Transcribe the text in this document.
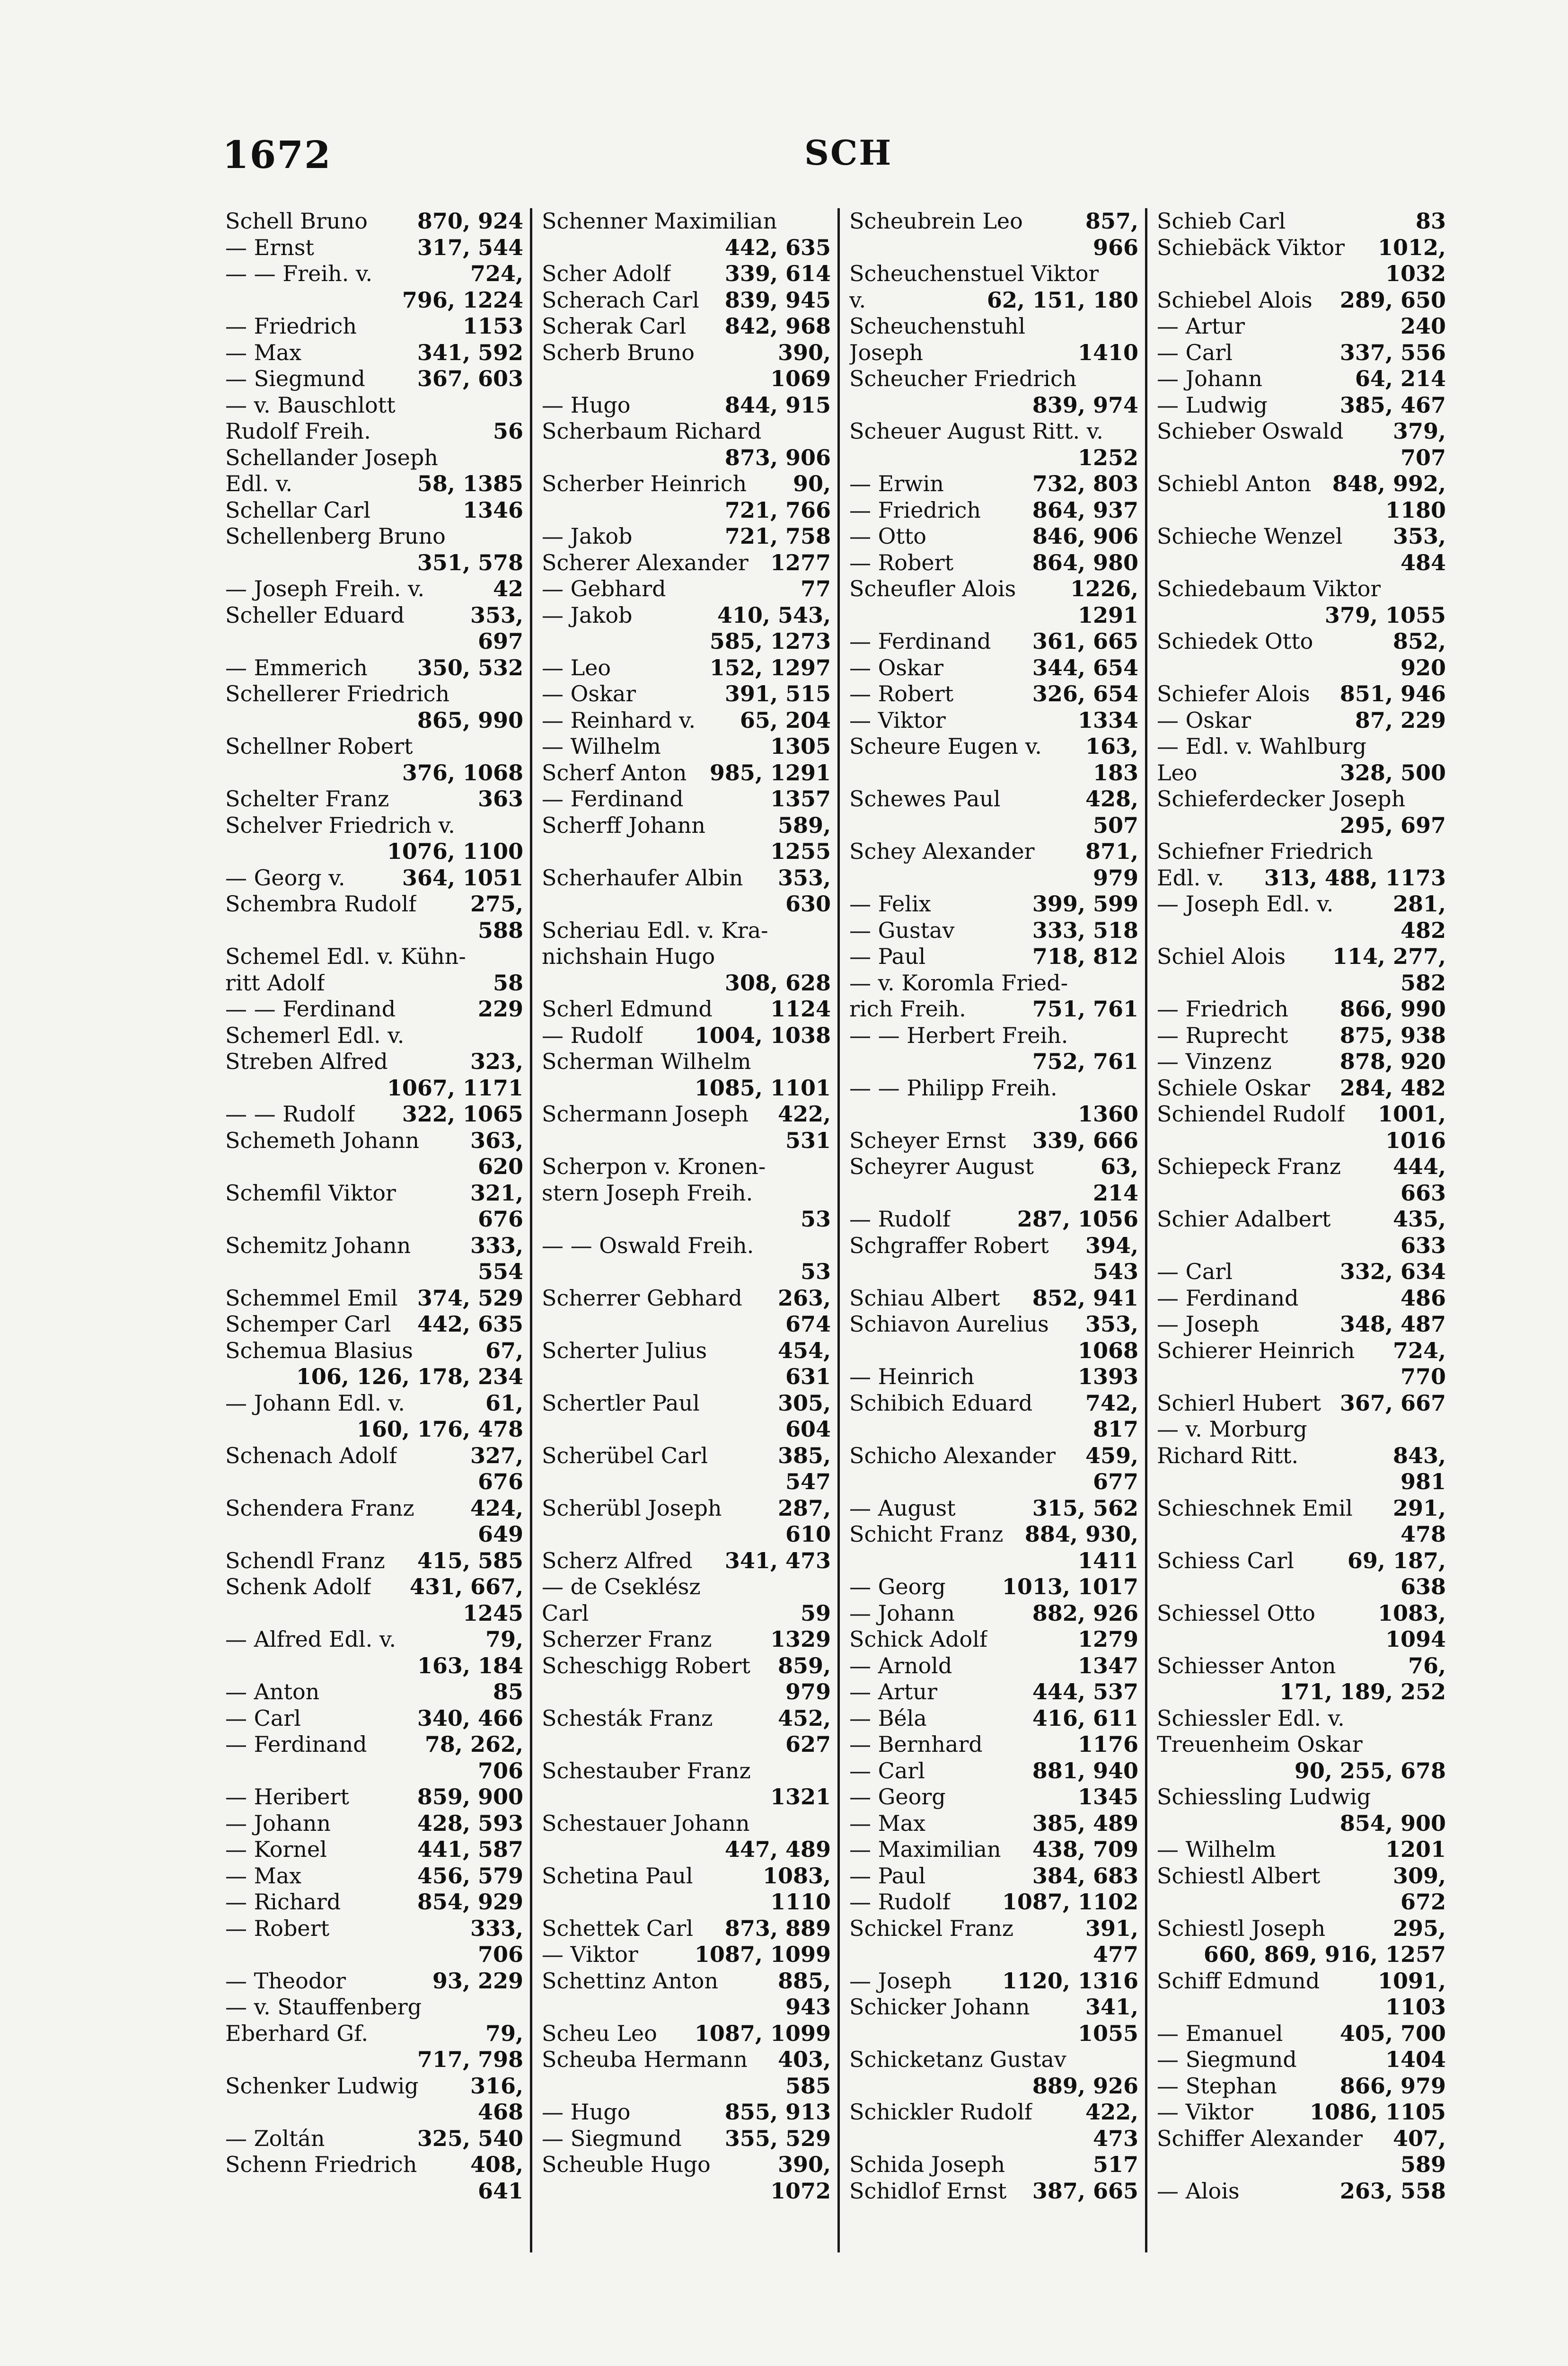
1672	SCH
Schell Bruno 870, 924
— Ernst	317, 544
— — Freih. v.	724,
796, 1224
— Friedrich	1153
— Max	341, 592
— Siegmund 367, 603
— v. Bauschlott
Rudolf Freih.	56
Schellander Joseph
Edl. v.	58, 1385
Schellar Carl	1346
Schellenberg Bruno
351, 578
— Joseph Freih. v.	42
Scheller Eduard	353,
697
— Emmerich 350, 532
Schellerer Friedrich
865, 990
Schellner Robert
376, 1068
Schelter Franz	363
Schelver Friedrich v.
1076, 1100
— Georg v.	364, 1051
Schembra Rudolf 275,
588
Schemel Edl. v. Kühn-
ritt Adolf	58
— — Ferdinand	229
Schemerl Edl. v.
Streben Alfred	323,
1067, 1171
— — Rudolf 322, 1065
Schemeth Johann 363,
620
Schemfil Viktor	321,
676
Schemitz Johann	333,
554
Schemmel Emil 374, 529
Schemper Carl 442, 635
Schemua Blasius	67,
106, 126, 178, 234
— Johann Edl. v.	61,
160, 176, 478
Schenach Adolf	327,
676
Schendera Franz	424,
649
Schendl Franz 415, 585
Schenk Adolf 431, 667,
1245
— Alfred Edl. v.	79,
163, 184
— Anton	85
— Carl	340, 466
— Ferdinand	78, 262,
706
— Heribert	859, 900
— Johann	428, 593
— Kornel	441, 587
— Max	456, 579
— Richard	854, 929
— Robert	333,
706
— Theodor	93, 229
— v. Stauffenberg
Eberhard Gf.	79,
717, 798
Schenker Ludwig 316,
468
— Zoltán	325, 540
Schenn Friedrich 408,
641
Schenner Maximilian
442, 635
Scher Adolf 339, 614
Scherach Carl 839, 945
Scherak Carl 842, 968
Scherb Bruno	390,
1069
— Hugo	844, 915
Scherbaum Richard
873, 906
Scherber Heinrich 90,
721, 766
— Jakob	721, 758
Scherer Alexander 1277
— Gebhard	77
— Jakob	410, 543,
585, 1273
— Leo	152, 1297
— Oskar	391, 515
— Reinhard v. 65, 204
— Wilhelm	1305
Scherf Anton 985, 1291
— Ferdinand	1357
Scherff Johann	589,
1255
Scherhaufer Albin 353,
630
Scheriau Edl. v. Kra-
nichshain Hugo
308, 628
Scherl Edmund	1124
— Rudolf 1004, 1038
Scherman Wilhelm
1085, 1101
Schermann Joseph 422,
531
Scherpon v. Kronen-
stern Joseph Freih.
53
— — Oswald Freih.
53
Scherrer Gebhard 263,
674
Scherter Julius	454,
631
Schertler Paul	305,
604
Scherübel Carl	385,
547
Scherübl Joseph	287,
610
Scherz Alfred 341, 473
— de Cseklész
Carl	59
Scherzer Franz	1329
Scheschigg Robert 859,
979
Schesták Franz	452,
627
Schestauber Franz
1321
Schestauer Johann
447, 489
Schetina Paul	1083,
1110
Schettek Carl 873, 889
— Viktor	1087, 1099
Schettinz Anton	885,
943
Scheu Leo 1087, 1099
Scheuba Hermann 403,
585
— Hugo	855, 913
— Siegmund 355, 529
Scheuble Hugo	390,
1072
Scheubrein Leo	857,
966
Scheuchenstuel Viktor
v.	62, 151, 180
Scheuchenstuhl
Joseph	1410
Scheucher Friedrich
839, 974
Scheuer August Ritt. v.
1252
— Erwin	732, 803
— Friedrich 864, 937
— Otto	846, 906
— Robert	864, 980
Scheufler Alois 1226,
1291
— Ferdinand 361, 665
— Oskar	344, 654
— Robert	326, 654
— Viktor	1334
Scheure Eugen v. 163,
183
Schewes Paul	428,
507
Schey Alexander 871,
979
— Felix	399, 599
— Gustav	333, 518
— Paul	718, 812
— v. Koromla Fried-
rich Freih.	751, 761
— — Herbert Freih.
752, 761
— — Philipp Freih.
1360
Scheyer Ernst 339, 666
Scheyrer August	63,
214
— Rudolf	287, 1056
Schgraffer Robert 394,
543
Schiau Albert 852, 941
Schiavon Aurelius 353,
1068
— Heinrich	1393
Schibich Eduard 742,
817
Schicho Alexander 459,
677
— August	315, 562
Schicht Franz 884, 930,
1411
— Georg	1013, 1017
— Johann	882, 926
Schick Adolf	1279
— Arnold	1347
— Artur	444, 537
— Béla	416, 611
— Bernhard	1176
— Carl	881, 940
— Georg	1345
— Max	385, 489
— Maximilian 438, 709
— Paul	384, 683
— Rudolf 1087, 1102
Schickel Franz	391,
477
— Joseph 1120, 1316
Schicker Johann	341,
1055
Schicketanz Gustav
889, 926
Schickler Rudolf 422,
473
Schida Joseph	517
Schidlof Ernst 387, 665
Schieb Carl	83
Schiebäck Viktor 1012,
1032
Schiebel Alois 289, 650
— Artur	240
— Carl	337, 556
— Johann	64, 214
— Ludwig	385, 467
Schieber Oswald 379,
707
Schiebl Anton 848, 992,
1180
Schieche Wenzel 353,
484
Schiedebaum Viktor
379, 1055
Schiedek Otto	852,
920
Schiefer Alois 851, 946
— Oskar	87, 229
— Edl. v. Wahlburg
Leo	328, 500
Schieferdecker Joseph
295, 697
Schiefner Friedrich
Edl. v. 313, 488, 1173
— Joseph Edl. v.	281,
482
Schiel Alois 114, 277,
582
— Friedrich 866, 990
— Ruprecht 875, 938
— Vinzenz	878, 920
Schiele Oskar 284, 482
Schiendel Rudolf 1001,
1016
Schiepeck Franz 444,
663
Schier Adalbert	435,
633
— Carl	332, 634
— Ferdinand	486
— Joseph	348, 487
Schierer Heinrich 724,
770
Schierl Hubert 367, 667
— v. Morburg
Richard Ritt.	843,
981
Schieschnek Emil 291,
478
Schiess Carl 69, 187,
638
Schiessel Otto	1083,
1094
Schiesser Anton	76,
171, 189, 252
Schiessler Edl. v.
Treuenheim Oskar
90, 255, 678
Schiessling Ludwig
854, 900
— Wilhelm	1201
Schiestl Albert	309,
672
Schiestl Joseph	295,
660, 869, 916, 1257
Schiff Edmund	1091,
1103
— Emanuel	405, 700
— Siegmund	1404
— Stephan	866, 979
— Viktor	1086, 1105
Schiffer Alexander 407,
589
— Alois	263, 558
